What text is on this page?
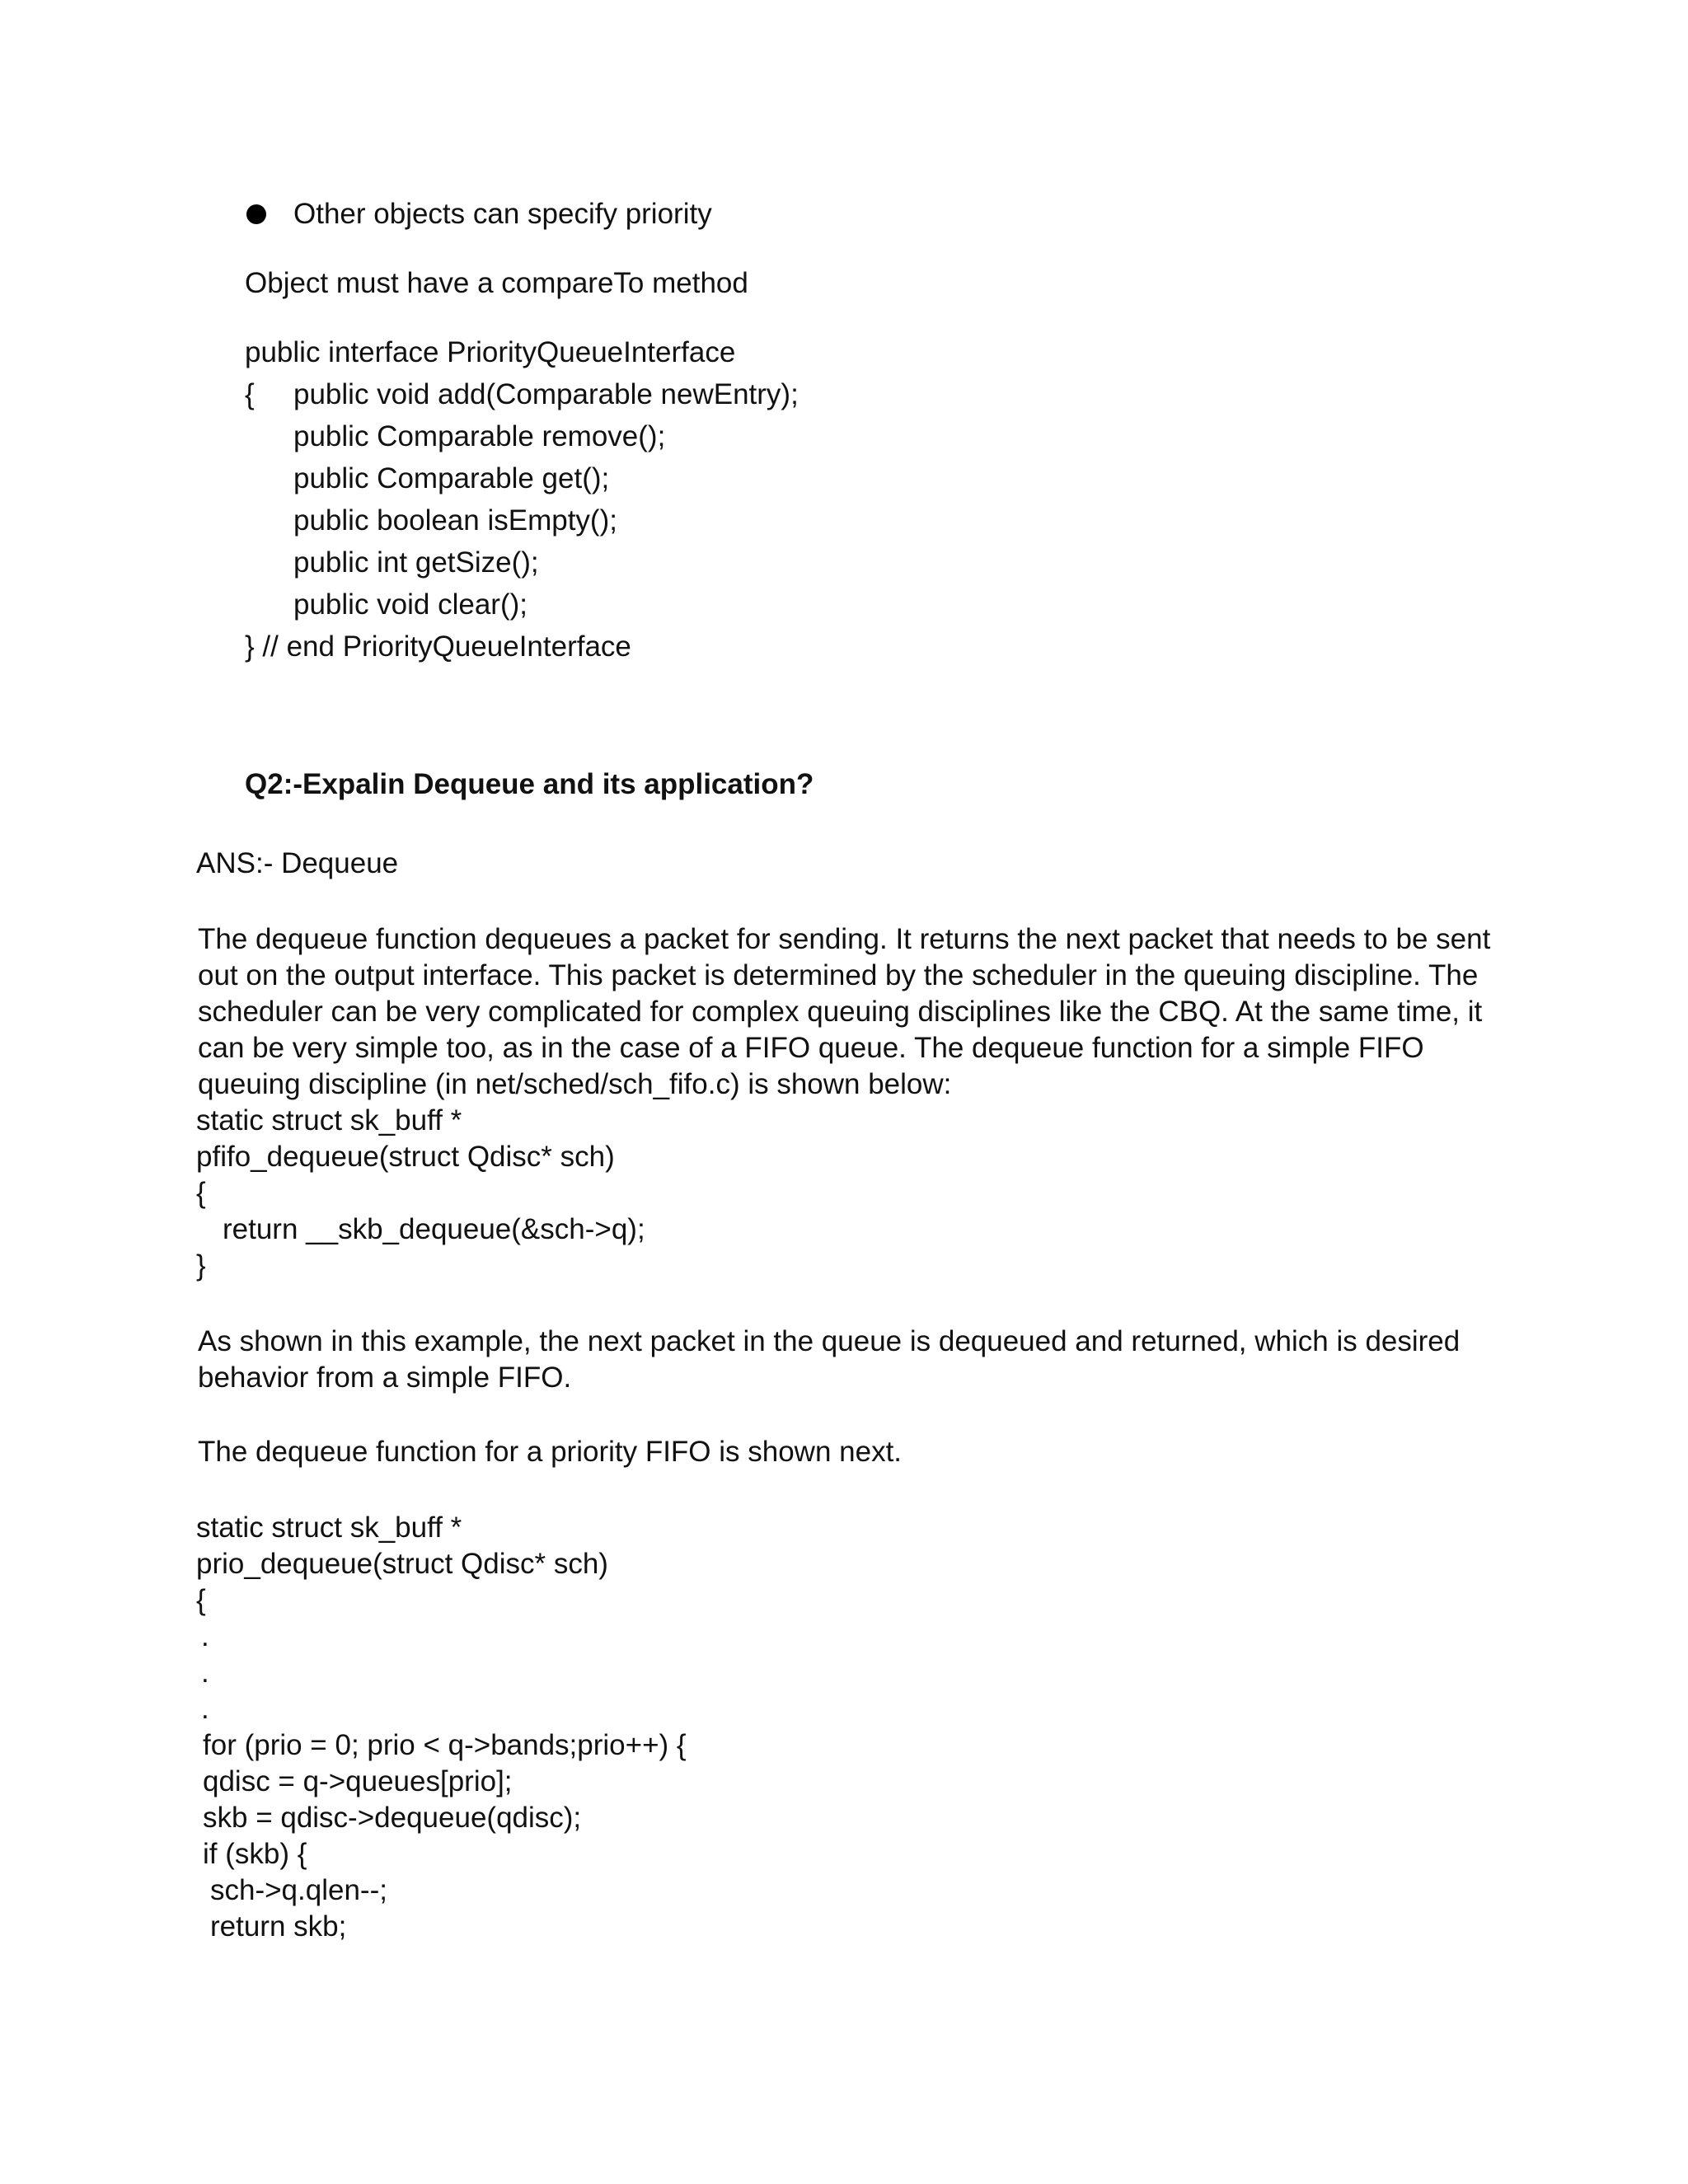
Other objects can specify priority
Object must have a compareTo method
public interface PriorityQueueInterface
{ public void add(Comparable newEntry);
public Comparable remove();
public Comparable get();
public boolean isEmpty();
public int getSize();
public void clear();
} // end PriorityQueueInterface
Q2:-Expalin Dequeue and its application?
ANS:- Dequeue
The dequeue function dequeues a packet for sending. It returns the next packet that needs to be sent out on the output interface. This packet is determined by the scheduler in the queuing discipline. The scheduler can be very complicated for complex queuing disciplines like the CBQ. At the same time, it can be very simple too, as in the case of a FIFO queue. The dequeue function for a simple FIFO queuing discipline (in net/sched/sch_fifo.c) is shown below:
static struct sk_buff *
pfifo_dequeue(struct Qdisc* sch)
{
return __skb_dequeue(&sch->q);
}
As shown in this example, the next packet in the queue is dequeued and returned, which is desired behavior from a simple FIFO.
The dequeue function for a priority FIFO is shown next.
static struct sk_buff *
prio_dequeue(struct Qdisc* sch)
{
.
.
.
for (prio = 0; prio < q->bands;prio++) {
qdisc = q->queues[prio];
skb = qdisc->dequeue(qdisc);
if (skb) {
sch->q.qlen--;
return skb;
